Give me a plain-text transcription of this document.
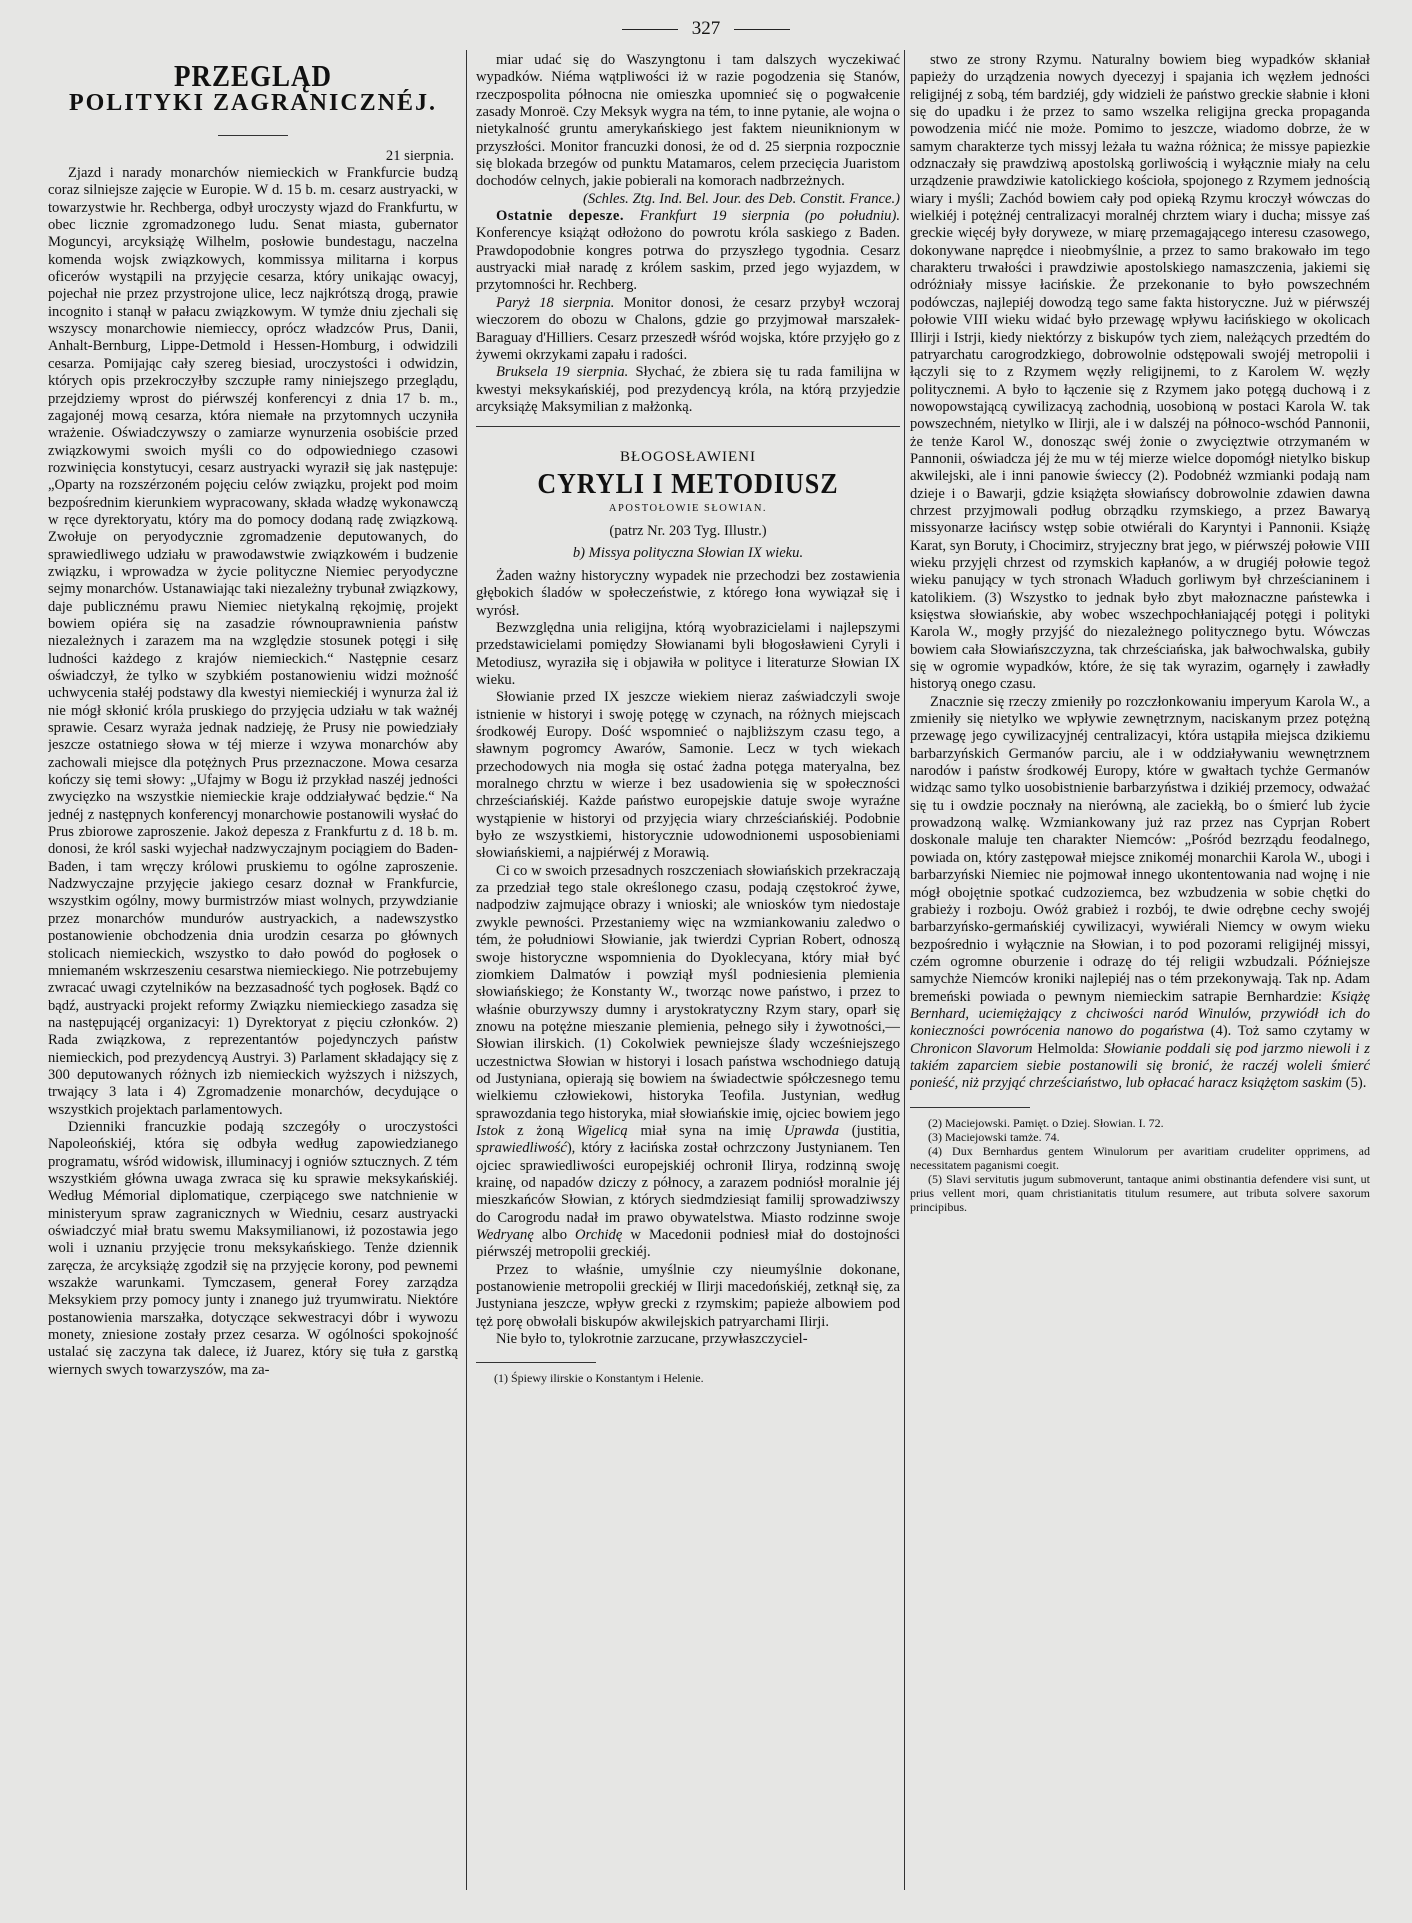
327
PRZEGLĄD
POLITYKI ZAGRANICZNÉJ.

21 sierpnia.

Zjazd i narady monarchów niemieckich w Frankfurcie budzą coraz silniejsze zajęcie w Europie. W d. 15 b. m. cesarz austryacki, w towarzystwie hr. Rechberga, odbył uroczysty wjazd do Frankfurtu, w obec licznie zgromadzonego ludu. Senat miasta, gubernator Moguncyi, arcyksiążę Wilhelm, posłowie bundestagu, naczelna komenda wojsk związkowych, kommissya militarna i korpus oficerów wystąpili na przyjęcie cesarza, który unikając owacyj, pojechał nie przez przystrojone ulice, lecz najkrótszą drogą, prawie incognito i stanął w pałacu związkowym. W tymże dniu zjechali się wszyscy monarchowie niemieccy, oprócz władzców Prus, Danii, Anhalt-Bernburg, Lippe-Detmold i Hessen-Homburg, i odwidzili cesarza. Pomijając cały szereg biesiad, uroczystości i odwidzin, których opis przekroczyłby szczupłe ramy niniejszego przeglądu, przejdziemy wprost do piérwszéj konferencyi z dnia 17 b. m., zagajonéj mową cesarza, która niemałe na przytomnych uczyniła wrażenie. Oświadczywszy o zamiarze wynurzenia osobiście przed związkowymi swoich myśli co do odpowiedniego czasowi rozwinięcia konstytucyi, cesarz austryacki wyraził się jak następuje: „Oparty na rozszérzoném pojęciu celów związku, projekt pod moim bezpośrednim kierunkiem wypracowany, składa władzę wykonawczą w ręce dyrektoryatu, który ma do pomocy dodaną radę związkową. Zwołuje on peryodycznie zgromadzenie deputowanych, do sprawiedliwego udziału w prawodawstwie związkowém i budzenie związku, i wprowadza w życie polityczne Niemiec peryodyczne sejmy monarchów. Ustanawiając taki niezależny trybunał związkowy, daje publicznému prawu Niemiec nietykalną rękojmię, projekt bowiem opiéra się na zasadzie równouprawnienia państw niezależnych i zarazem ma na względzie stosunek potęgi i siłę ludności każdego z krajów niemieckich.“ Następnie cesarz oświadczył, że tylko w szybkiém postanowieniu widzi możność uchwycenia stałéj podstawy dla kwestyi niemieckiéj i wynurza żal iż nie mógł skłonić króla pruskiego do przyjęcia udziału w tak ważnéj sprawie. Cesarz wyraża jednak nadzieję, że Prusy nie powiedziały jeszcze ostatniego słowa w téj mierze i wzywa monarchów aby zachowali miejsce dla potężnych Prus przeznaczone. Mowa cesarza kończy się temi słowy: „Ufajmy w Bogu iż przykład naszéj jedności zwycięzko na wszystkie niemieckie kraje oddziaływać będzie.“ Na jednéj z następnych konferencyj monarchowie postanowili wysłać do Prus zbiorowe zaproszenie. Jakoż depesza z Frankfurtu z d. 18 b. m. donosi, że król saski wyjechał nadzwyczajnym pociągiem do Baden-Baden, i tam wręczy królowi pruskiemu to ogólne zaproszenie. Nadzwyczajne przyjęcie jakiego cesarz doznał w Frankfurcie, wszystkim ogólny, mowy burmistrzów miast wolnych, przywdzianie przez monarchów mundurów austryackich, a nadewszystko postanowienie obchodzenia dnia urodzin cesarza po głównych stolicach niemieckich, wszystko to dało powód do pogłosek o mniemaném wskrzeszeniu cesarstwa niemieckiego. Nie potrzebujemy zwracać uwagi czytelników na bezzasadność tych pogłosek. Bądź co bądź, austryacki projekt reformy Związku niemieckiego zasadza się na następującéj organizacyi: 1) Dyrektoryat z pięciu członków. 2) Rada związkowa, z reprezentantów pojedynczych państw niemieckich, pod prezydencyą Austryi. 3) Parlament składający się z 300 deputowanych różnych izb niemieckich wyższych i niższych, trwający 3 lata i 4) Zgromadzenie monarchów, decydujące o wszystkich projektach parlamentowych.

Dzienniki francuzkie podają szczegóły o uroczystości Napoleońskiéj, która się odbyła według zapowiedzianego programatu, wśród widowisk, illuminacyj i ogniów sztucznych. Z tém wszystkiém główna uwaga zwraca się ku sprawie meksykańskiéj. Według Mémorial diplomatique, czerpiącego swe natchnienie w ministeryum spraw zagranicznych w Wiedniu, cesarz austryacki oświadczyć miał bratu swemu Maksymilianowi, iż pozostawia jego woli i uznaniu przyjęcie tronu meksykańskiego. Tenże dziennik zaręcza, że arcyksiążę zgodził się na przyjęcie korony, pod pewnemi wszakże warunkami. Tymczasem, generał Forey zarządza Meksykiem przy pomocy junty i znanego już tryumwiratu. Niektóre postanowienia marszałka, dotyczące sekwestracyi dóbr i wywozu monety, zniesione zostały przez cesarza. W ogólności spokojność ustalać się zaczyna tak dalece, iż Juarez, który się tuła z garstką wiernych swych towarzyszów, ma za-

miar udać się do Waszyngtonu i tam dalszych wyczekiwać wypadków. Niéma wątpliwości iż w razie pogodzenia się Stanów, rzeczpospolita północna nie omieszka upomnieć się o pogwałcenie zasady Monroë. Czy Meksyk wygra na tém, to inne pytanie, ale wojna o nietykalność gruntu amerykańskiego jest faktem nieuniknionym w przyszłości. Monitor francuzki donosi, że od d. 25 sierpnia rozpocznie się blokada brzegów od punktu Matamaros, celem przecięcia Juaristom dochodów celnych, jakie pobierali na komorach nadbrzeżnych.

(Schles. Ztg. Ind. Bel. Jour. des Deb. Constit. France.)

Ostatnie depesze. Frankfurt 19 sierpnia (po południu). Konferencye książąt odłożono do powrotu króla saskiego z Baden. Prawdopodobnie kongres potrwa do przyszłego tygodnia. Cesarz austryacki miał naradę z królem saskim, przed jego wyjazdem, w przytomności hr. Rechberg.

Paryż 18 sierpnia. Monitor donosi, że cesarz przybył wczoraj wieczorem do obozu w Chalons, gdzie go przyjmował marszałek-Baraguay d'Hilliers. Cesarz przeszedł wśród wojska, które przyjęło go z żywemi okrzykami zapału i radości.

Bruksela 19 sierpnia. Słychać, że zbiera się tu rada familijna w kwestyi meksykańskiéj, pod prezydencyą króla, na którą przyjedzie arcyksiążę Maksymilian z małżonką.

BŁOGOSŁAWIENI

CYRYLI I METODIUSZ

APOSTOŁOWIE SŁOWIAN.

(patrz Nr. 203 Tyg. Illustr.)

b) Missya polityczna Słowian IX wieku.

Żaden ważny historyczny wypadek nie przechodzi bez zostawienia głębokich śladów w społeczeństwie, z którego łona wywiązał się i wyrósł.

Bezwzględna unia religijna, którą wyobrazicielami i najlepszymi przedstawicielami pomiędzy Słowianami byli błogosławieni Cyryli i Metodiusz, wyraziła się i objawiła w polityce i literaturze Słowian IX wieku.

Słowianie przed IX jeszcze wiekiem nieraz zaświadczyli swoje istnienie w historyi i swoję potęgę w czynach, na różnych miejscach środkowéj Europy. Dość wspomnieć o najbliższym czasu tego, a sławnym pogromcy Awarów, Samonie. Lecz w tych wiekach przechodowych nia mogła się ostać żadna potęga materyalna, bez moralnego chrztu w wierze i bez usadowienia się w społeczności chrześciańskiéj. Każde państwo europejskie datuje swoje wyraźne wystąpienie w historyi od przyjęcia wiary chrześciańskiéj. Podobnie było ze wszystkiemi, historycznie udowodnionemi usposobieniami słowiańskiemi, a najpiérwéj z Morawią.

Ci co w swoich przesadnych roszczeniach słowiańskich przekraczają za przedział tego stale określonego czasu, podają częstokroć żywe, nadpodziw zajmujące obrazy i wnioski; ale wniosków tym niedostaje zwykle pewności. Przestaniemy więc na wzmiankowaniu zaledwo o tém, że południowi Słowianie, jak twierdzi Cyprian Robert, odnoszą swoje historyczne wspomnienia do Dyoklecyana, który miał być ziomkiem Dalmatów i powziął myśl podniesienia plemienia słowiańskiego; że Konstanty W., tworząc nowe państwo, i przez to właśnie oburzywszy dumny i arystokratyczny Rzym stary, oparł się znowu na potężne mieszanie plemienia, pełnego siły i żywotności,— Słowian ilirskich. (1) Cokolwiek pewniejsze ślady wcześniejszego uczestnictwa Słowian w historyi i losach państwa wschodniego datują od Justyniana, opierają się bowiem na świadectwie spółczesnego temu wielkiemu człowiekowi, historyka Teofila. Justynian, według sprawozdania tego historyka, miał słowiańskie imię, ojciec bowiem jego Istok z żoną Wigelicą miał syna na imię Uprawda (justitia, sprawiedliwość), który z łacińska został ochrzczony Justynianem. Ten ojciec sprawiedliwości europejskiéj ochronił Ilirya, rodzinną swoję krainę, od napadów dziczy z północy, a zarazem podniósł moralnie jéj mieszkańców Słowian, z których siedmdziesiąt familij sprowadziwszy do Carogrodu nadał im prawo obywatelstwa. Miasto rodzinne swoje Wedryanę albo Orchidę w Macedonii podniesł miał do dostojności piérwszéj metropolii greckiéj.

Przez to właśnie, umyślnie czy nieumyślnie dokonane, postanowienie metropolii greckiéj w Ilirji macedońskiéj, zetknął się, za Justyniana jeszcze, wpływ grecki z rzymskim; papieże albowiem pod tęż porę obwołali biskupów akwilejskich patryarchami Ilirji.

Nie było to, tylokrotnie zarzucane, przywłaszczyciel-

(1) Śpiewy ilirskie o Konstantym i Helenie.

stwo ze strony Rzymu. Naturalny bowiem bieg wypadków skłaniał papieży do urządzenia nowych dyecezyj i spajania ich węzłem jedności religijnéj z sobą, tém bardziéj, gdy widzieli że państwo greckie słabnie i kłoni się do upadku i że przez to samo wszelka religijna grecka propaganda powodzenia mićć nie może. Pomimo to jeszcze, wiadomo dobrze, że w samym charakterze tych missyj leżała tu ważna różnica; że missye papiezkie odznaczały się prawdziwą apostolską gorliwością i wyłącznie miały na celu urządzenie prawdziwie katolickiego kościoła, spojonego z Rzymem jednością wiary i myśli; Zachód bowiem cały pod opieką Rzymu kroczył wówczas do wielkiéj i potężnéj centralizacyi moralnéj chrztem wiary i ducha; missye zaś greckie więcéj były doryweze, w miarę przemagającego interesu czasowego, dokonywane naprędce i nieobmyślnie, a przez to samo brakowało im tego charakteru trwałości i prawdziwie apostolskiego namaszczenia, jakiemi się odróżniały missye łacińskie. Że przekonanie to było powszechném podówczas, najlepiéj dowodzą tego same fakta historyczne. Już w piérwszéj połowie VIII wieku widać było przewagę wpływu łacińskiego w okolicach Illirji i Istrji, kiedy niektórzy z biskupów tych ziem, należących przedtém do patryarchatu carogrodzkiego, dobrowolnie odstępowali swojéj metropolii i łączyli się to z Rzymem węzły religijnemi, to z Karolem W. węzły politycznemi. A było to łączenie się z Rzymem jako potęgą duchową i z nowopowstającą cywilizacyą zachodnią, uosobioną w postaci Karola W. tak powszechném, nietylko w Ilirji, ale i w dalszéj na północo-wschód Pannonii, że tenże Karol W., donosząc swéj żonie o zwycięztwie otrzymaném w Pannonii, oświadcza jéj że mu w téj mierze wielce dopomógł nietylko biskup akwilejski, ale i inni panowie świeccy (2). Podobnéż wzmianki podają nam dzieje i o Bawarji, gdzie książęta słowiańscy dobrowolnie zdawien dawna chrzest przyjmowali podług obrządku rzymskiego, a przez Bawaryą missyonarze łacińscy wstęp sobie otwiérali do Karyntyi i Pannonii. Książę Karat, syn Boruty, i Chocimirz, stryjeczny brat jego, w piérwszéj połowie VIII wieku przyjęli chrzest od rzymskich kapłanów, a w drugiéj połowie tegoż wieku panujący w tych stronach Właduch gorliwym był chrześcianinem i katolikiem. (3) Wszystko to jednak było zbyt małoznaczne państewka i księstwa słowiańskie, aby wobec wszechpochłaniającéj potęgi i polityki Karola W., mogły przyjść do niezależnego politycznego bytu. Wówczas bowiem cała Słowiańszczyzna, tak chrześciańska, jak bałwochwalska, gubiły się w ogromie wypadków, które, że się tak wyrazim, ogarnęły i zawładły historyą onego czasu.

Znacznie się rzeczy zmieniły po rozczłonkowaniu imperyum Karola W., a zmieniły się nietylko we wpływie zewnętrznym, naciskanym przez potężną przewagę jego cywilizacyjnéj centralizacyi, która ustąpiła miejsca dzikiemu barbarzyńskich Germanów parciu, ale i w oddziaływaniu wewnętrznem narodów i państw środkowéj Europy, które w gwałtach tychże Germanów widząc samo tylko uosobistnienie barbarzyństwa i dzikiéj przemocy, odważać się tu i owdzie pocznały na nierówną, ale zaciekłą, bo o śmierć lub życie prowadzoną walkę. Wzmiankowany już raz przez nas Cyprjan Robert doskonale maluje ten charakter Niemców: „Pośród bezrządu feodalnego, powiada on, który zastępował miejsce znikoméj monarchii Karola W., ubogi i barbarzyński Niemiec nie pojmował innego ukontentowania nad wojnę i nie mógł obojętnie spotkać cudzoziemca, bez wzbudzenia w sobie chętki do grabieży i rozboju. Owóż grabież i rozbój, te dwie odrębne cechy swojéj barbarzyńsko-germańskiéj cywilizacyi, wywiérali Niemcy w owym wieku bezpośrednio i wyłącznie na Słowian, i to pod pozorami religijnéj missyi, czém ogromne oburzenie i odrazę do téj religii wzbudzali. Późniejsze samychże Niemców kroniki najlepiéj nas o tém przekonywają. Tak np. Adam bremeński powiada o pewnym niemieckim satrapie Bernhardzie: Książę Bernhard, uciemiężający z chciwości naród Winulów, przywiódł ich do konieczności powrócenia nanowo do pogaństwa (4). Toż samo czytamy w Chronicon Slavorum Helmolda: Słowianie poddali się pod jarzmo niewoli i z takiém zaparciem siebie postanowili się bronić, że raczéj woleli śmierć ponieść, niż przyjąć chrześciaństwo, lub opłacać haracz książętom saskim (5).

(2) Maciejowski. Pamięt. o Dziej. Słowian. I. 72.

(3) Maciejowski tamże. 74.

(4) Dux Bernhardus gentem Winulorum per avaritiam crudeliter opprimens, ad necessitatem paganismi coegit.

(5) Slavi servitutis jugum submoverunt, tantaque animi obstinantia defendere visi sunt, ut prius vellent mori, quam christianitatis titulum resumere, aut tributa solvere saxorum principibus.
